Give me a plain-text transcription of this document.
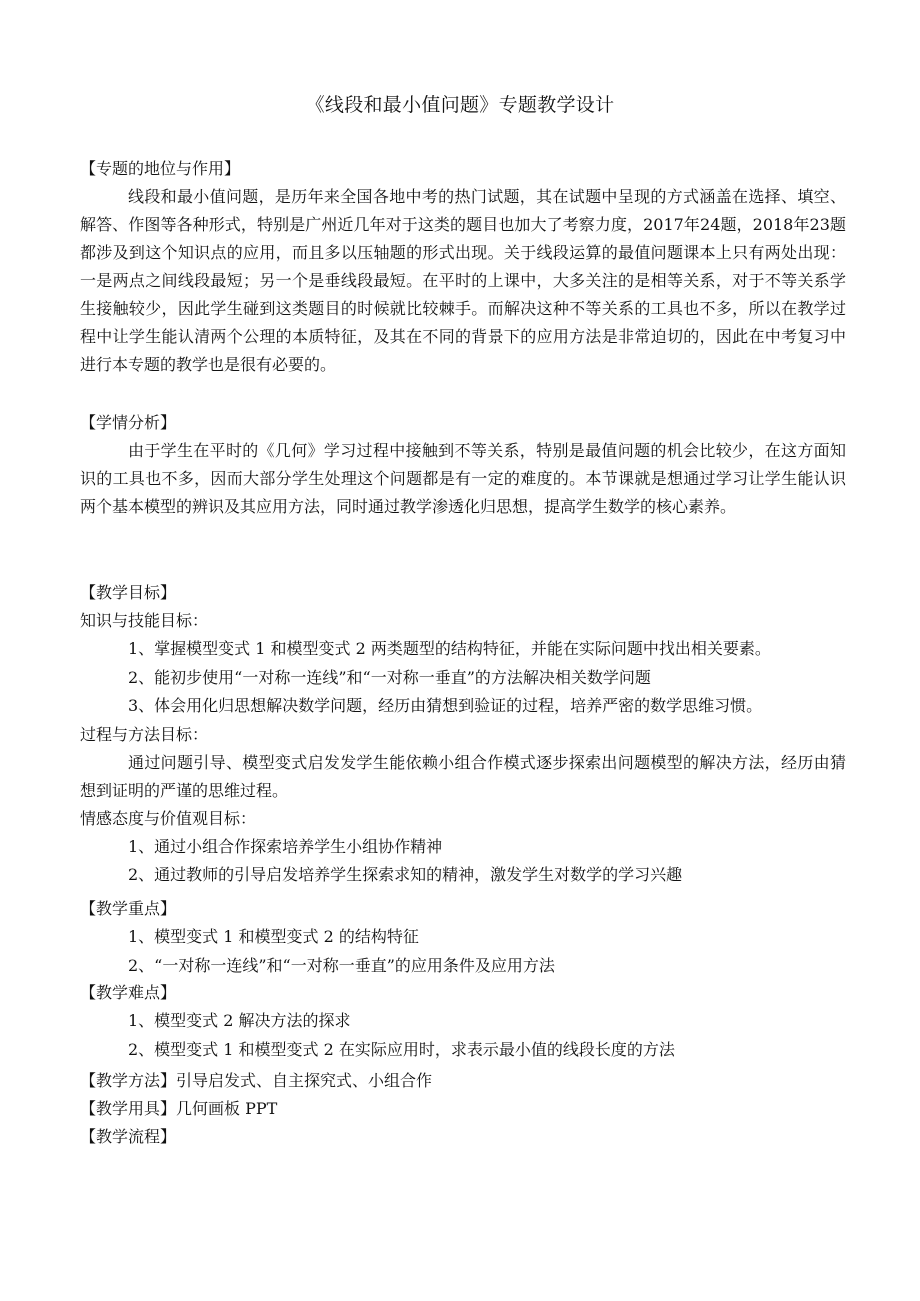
《线段和最小值问题》专题教学设计

【专题的地位与作用】

线段和最小值问题，是历年来全国各地中考的热门试题，其在试题中呈现的方式涵盖在选择、填空、解答、作图等各种形式，特别是广州近几年对于这类的题目也加大了考察力度，2017年24题，2018年23题都涉及到这个知识点的应用，而且多以压轴题的形式出现。关于线段运算的最值问题课本上只有两处出现：一是两点之间线段最短；另一个是垂线段最短。在平时的上课中，大多关注的是相等关系，对于不等关系学生接触较少，因此学生碰到这类题目的时候就比较棘手。而解决这种不等关系的工具也不多，所以在教学过程中让学生能认清两个公理的本质特征，及其在不同的背景下的应用方法是非常迫切的，因此在中考复习中进行本专题的教学也是很有必要的。

【学情分析】

由于学生在平时的《几何》学习过程中接触到不等关系，特别是最值问题的机会比较少，在这方面知识的工具也不多，因而大部分学生处理这个问题都是有一定的难度的。本节课就是想通过学习让学生能认识两个基本模型的辨识及其应用方法，同时通过教学渗透化归思想，提高学生数学的核心素养。

【教学目标】

知识与技能目标：

1、掌握模型变式 1 和模型变式 2 两类题型的结构特征，并能在实际问题中找出相关要素。

2、能初步使用“一对称一连线”和“一对称一垂直”的方法解决相关数学问题

3、体会用化归思想解决数学问题，经历由猜想到验证的过程，培养严密的数学思维习惯。

过程与方法目标：

通过问题引导、模型变式启发发学生能依赖小组合作模式逐步探索出问题模型的解决方法，经历由猜想到证明的严谨的思维过程。

情感态度与价值观目标：

1、通过小组合作探索培养学生小组协作精神

2、通过教师的引导启发培养学生探索求知的精神，激发学生对数学的学习兴趣

【教学重点】

1、模型变式 1 和模型变式 2 的结构特征

2、“一对称一连线”和“一对称一垂直”的应用条件及应用方法

【教学难点】

1、模型变式 2 解决方法的探求

2、模型变式 1 和模型变式 2 在实际应用时，求表示最小值的线段长度的方法

【教学方法】引导启发式、自主探究式、小组合作

【教学用具】几何画板 PPT

【教学流程】
